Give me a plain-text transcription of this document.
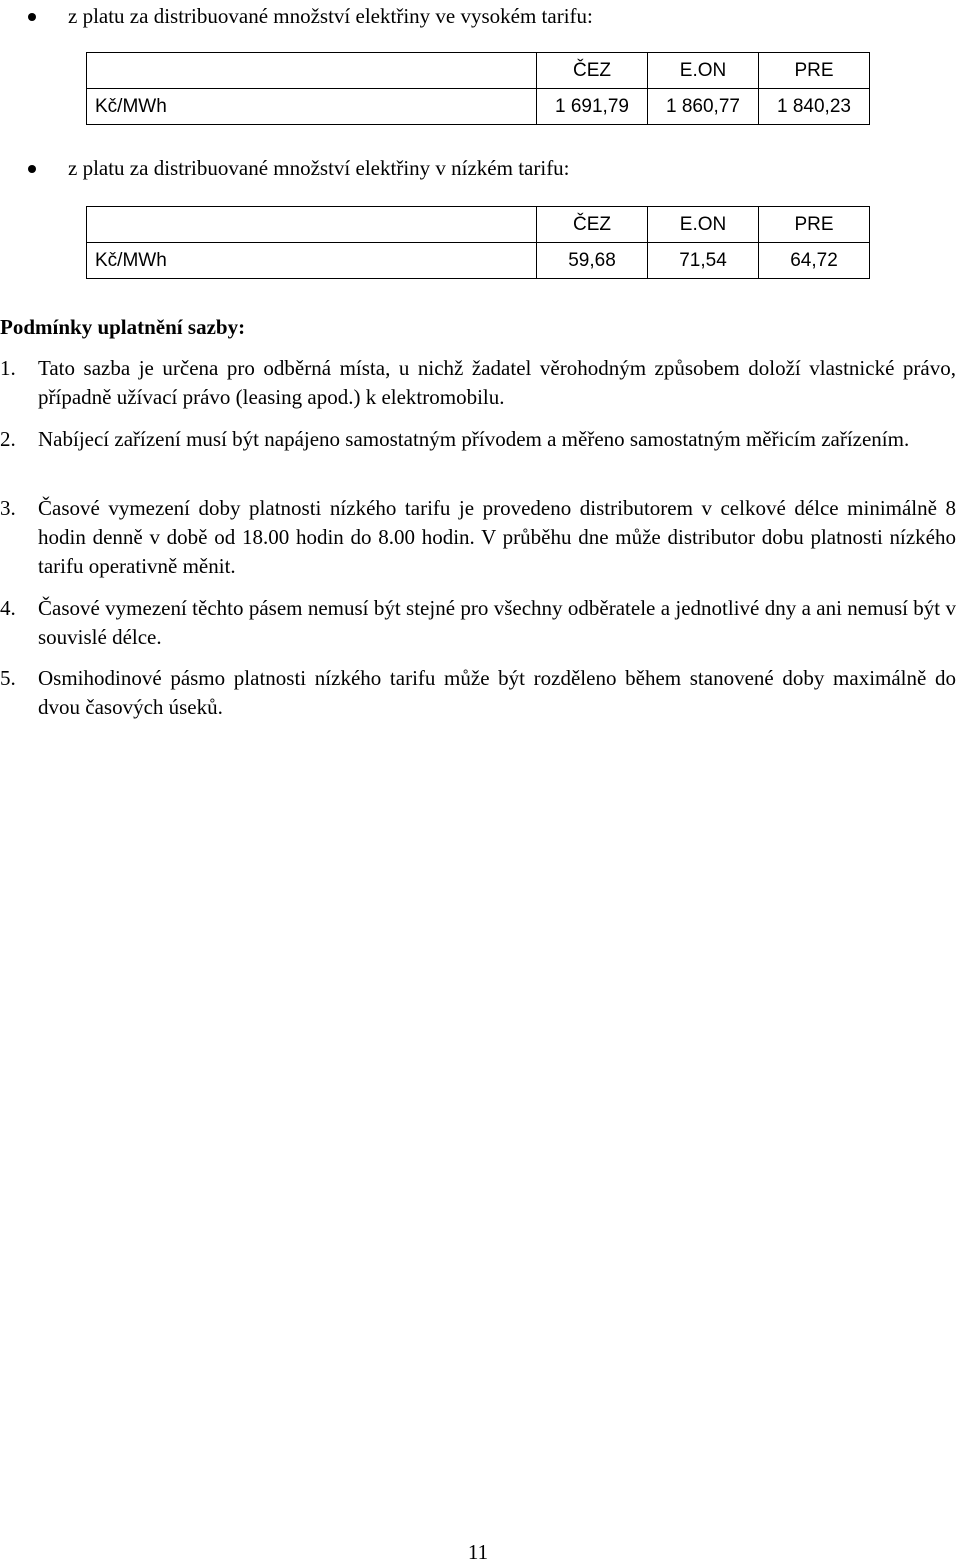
z platu za distribuované množství elektřiny ve vysokém tarifu:
		ČEZ	E.ON	PRE
Kč/MWh		1 691,79	1 860,77	1 840,23
z platu za distribuované množství elektřiny v nízkém tarifu:
		ČEZ	E.ON	PRE
Kč/MWh		59,68	71,54	64,72
Podmínky uplatnění sazby:
1. Tato sazba je určena pro odběrná místa, u nichž žadatel věrohodným způsobem doloží vlastnické právo, případně užívací právo (leasing apod.) k elektromobilu.
2. Nabíjecí zařízení musí být napájeno samostatným přívodem a měřeno samostatným měřicím zařízením.
3. Časové vymezení doby platnosti nízkého tarifu je provedeno distributorem v celkové délce minimálně 8 hodin denně v době od 18.00 hodin do 8.00 hodin. V průběhu dne může distributor dobu platnosti nízkého tarifu operativně měnit.
4. Časové vymezení těchto pásem nemusí být stejné pro všechny odběratele a jednotlivé dny a ani nemusí být v souvislé délce.
5. Osmihodinové pásmo platnosti nízkého tarifu může být rozděleno během stanovené doby maximálně do dvou časových úseků.
11
